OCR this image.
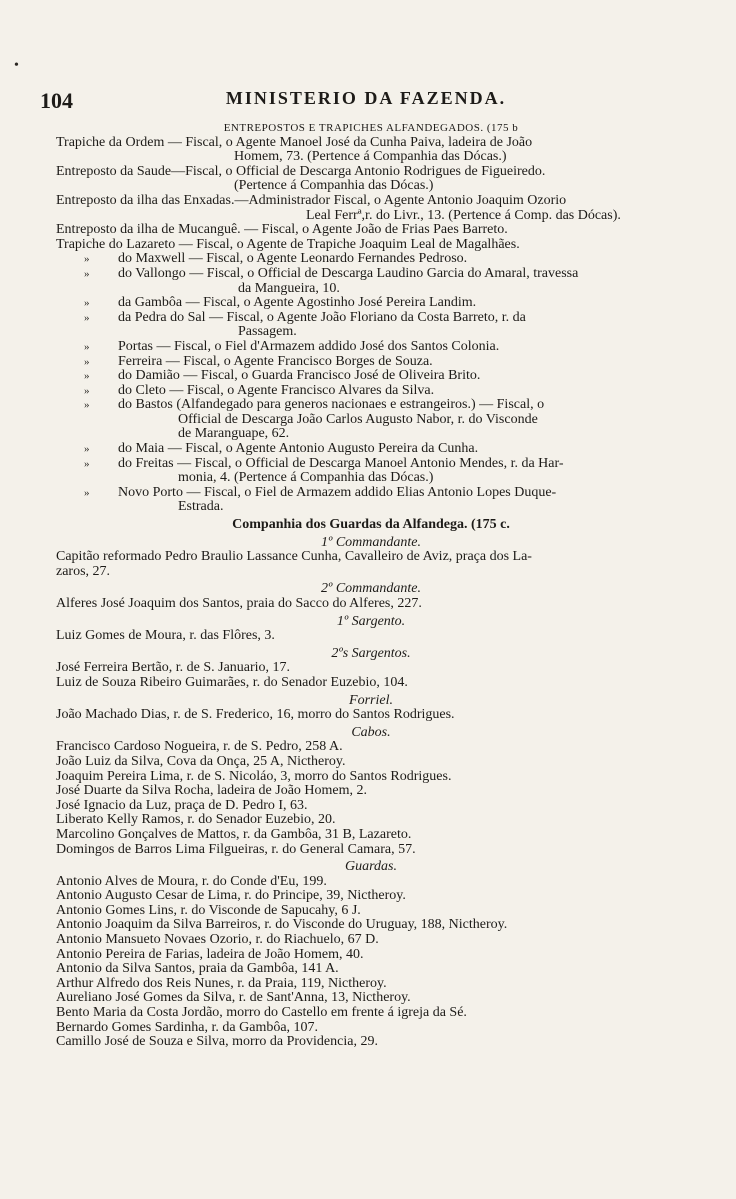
•
104	MINISTERIO DA FAZENDA.
ENTREPOSTOS E TRAPICHES ALFANDEGADOS. (175 b
Trapiche da Ordem — Fiscal, o Agente Manoel José da Cunha Paiva, ladeira de João
Homem, 73. (Pertence á Companhia das Dócas.)
Entreposto da Saude—Fiscal, o Official de Descarga Antonio Rodrigues de Figueiredo.
(Pertence á Companhia das Dócas.)
Entreposto da ilha das Enxadas.—Administrador Fiscal, o Agente Antonio Joaquim Ozorio
Leal Ferrª,r. do Livr., 13. (Pertence á Comp. das Dócas).
Entreposto da ilha de Mucanguê. — Fiscal, o Agente João de Frias Paes Barreto.
Trapiche do Lazareto — Fiscal, o Agente de Trapiche Joaquim Leal de Magalhães.
»	do Maxwell — Fiscal, o Agente Leonardo Fernandes Pedroso.
»	do Vallongo — Fiscal, o Official de Descarga Laudino Garcia do Amaral, travessa
da Mangueira, 10.
»	da Gambôa — Fiscal, o Agente Agostinho José Pereira Landim.
»	da Pedra do Sal — Fiscal, o Agente João Floriano da Costa Barreto, r. da
Passagem.
»	Portas — Fiscal, o Fiel d'Armazem addido José dos Santos Colonia.
»	Ferreira — Fiscal, o Agente Francisco Borges de Souza.
»	do Damião — Fiscal, o Guarda Francisco José de Oliveira Brito.
»	do Cleto — Fiscal, o Agente Francisco Alvares da Silva.
»	do Bastos (Alfandegado para generos nacionaes e estrangeiros.) — Fiscal, o
Official de Descarga João Carlos Augusto Nabor, r. do Visconde
de Maranguape, 62.
»	do Maia — Fiscal, o Agente Antonio Augusto Pereira da Cunha.
»	do Freitas — Fiscal, o Official de Descarga Manoel Antonio Mendes, r. da Har-
monia, 4. (Pertence á Companhia das Dócas.)
»	Novo Porto — Fiscal, o Fiel de Armazem addido Elias Antonio Lopes Duque-
Estrada.
Companhia dos Guardas da Alfandega. (175 c.
1º Commandante.
Capitão reformado Pedro Braulio Lassance Cunha, Cavalleiro de Aviz, praça dos La-
zaros, 27.
2º Commandante.
Alferes José Joaquim dos Santos, praia do Sacco do Alferes, 227.
1º Sargento.
Luiz Gomes de Moura, r. das Flôres, 3.
2ºs Sargentos.
José Ferreira Bertão, r. de S. Januario, 17.
Luiz de Souza Ribeiro Guimarães, r. do Senador Euzebio, 104.
Forriel.
João Machado Dias, r. de S. Frederico, 16, morro do Santos Rodrigues.
Cabos.
Francisco Cardoso Nogueira, r. de S. Pedro, 258 A.
João Luiz da Silva, Cova da Onça, 25 A, Nictheroy.
Joaquim Pereira Lima, r. de S. Nicoláo, 3, morro do Santos Rodrigues.
José Duarte da Silva Rocha, ladeira de João Homem, 2.
José Ignacio da Luz, praça de D. Pedro I, 63.
Liberato Kelly Ramos, r. do Senador Euzebio, 20.
Marcolino Gonçalves de Mattos, r. da Gambôa, 31 B, Lazareto.
Domingos de Barros Lima Filgueiras, r. do General Camara, 57.
Guardas.
Antonio Alves de Moura, r. do Conde d'Eu, 199.
Antonio Augusto Cesar de Lima, r. do Principe, 39, Nictheroy.
Antonio Gomes Lins, r. do Visconde de Sapucahy, 6 J.
Antonio Joaquim da Silva Barreiros, r. do Visconde do Uruguay, 188, Nictheroy.
Antonio Mansueto Novaes Ozorio, r. do Riachuelo, 67 D.
Antonio Pereira de Farias, ladeira de João Homem, 40.
Antonio da Silva Santos, praia da Gambôa, 141 A.
Arthur Alfredo dos Reis Nunes, r. da Praia, 119, Nictheroy.
Aureliano José Gomes da Silva, r. de Sant'Anna, 13, Nictheroy.
Bento Maria da Costa Jordão, morro do Castello em frente á igreja da Sé.
Bernardo Gomes Sardinha, r. da Gambôa, 107.
Camillo José de Souza e Silva, morro da Providencia, 29.
